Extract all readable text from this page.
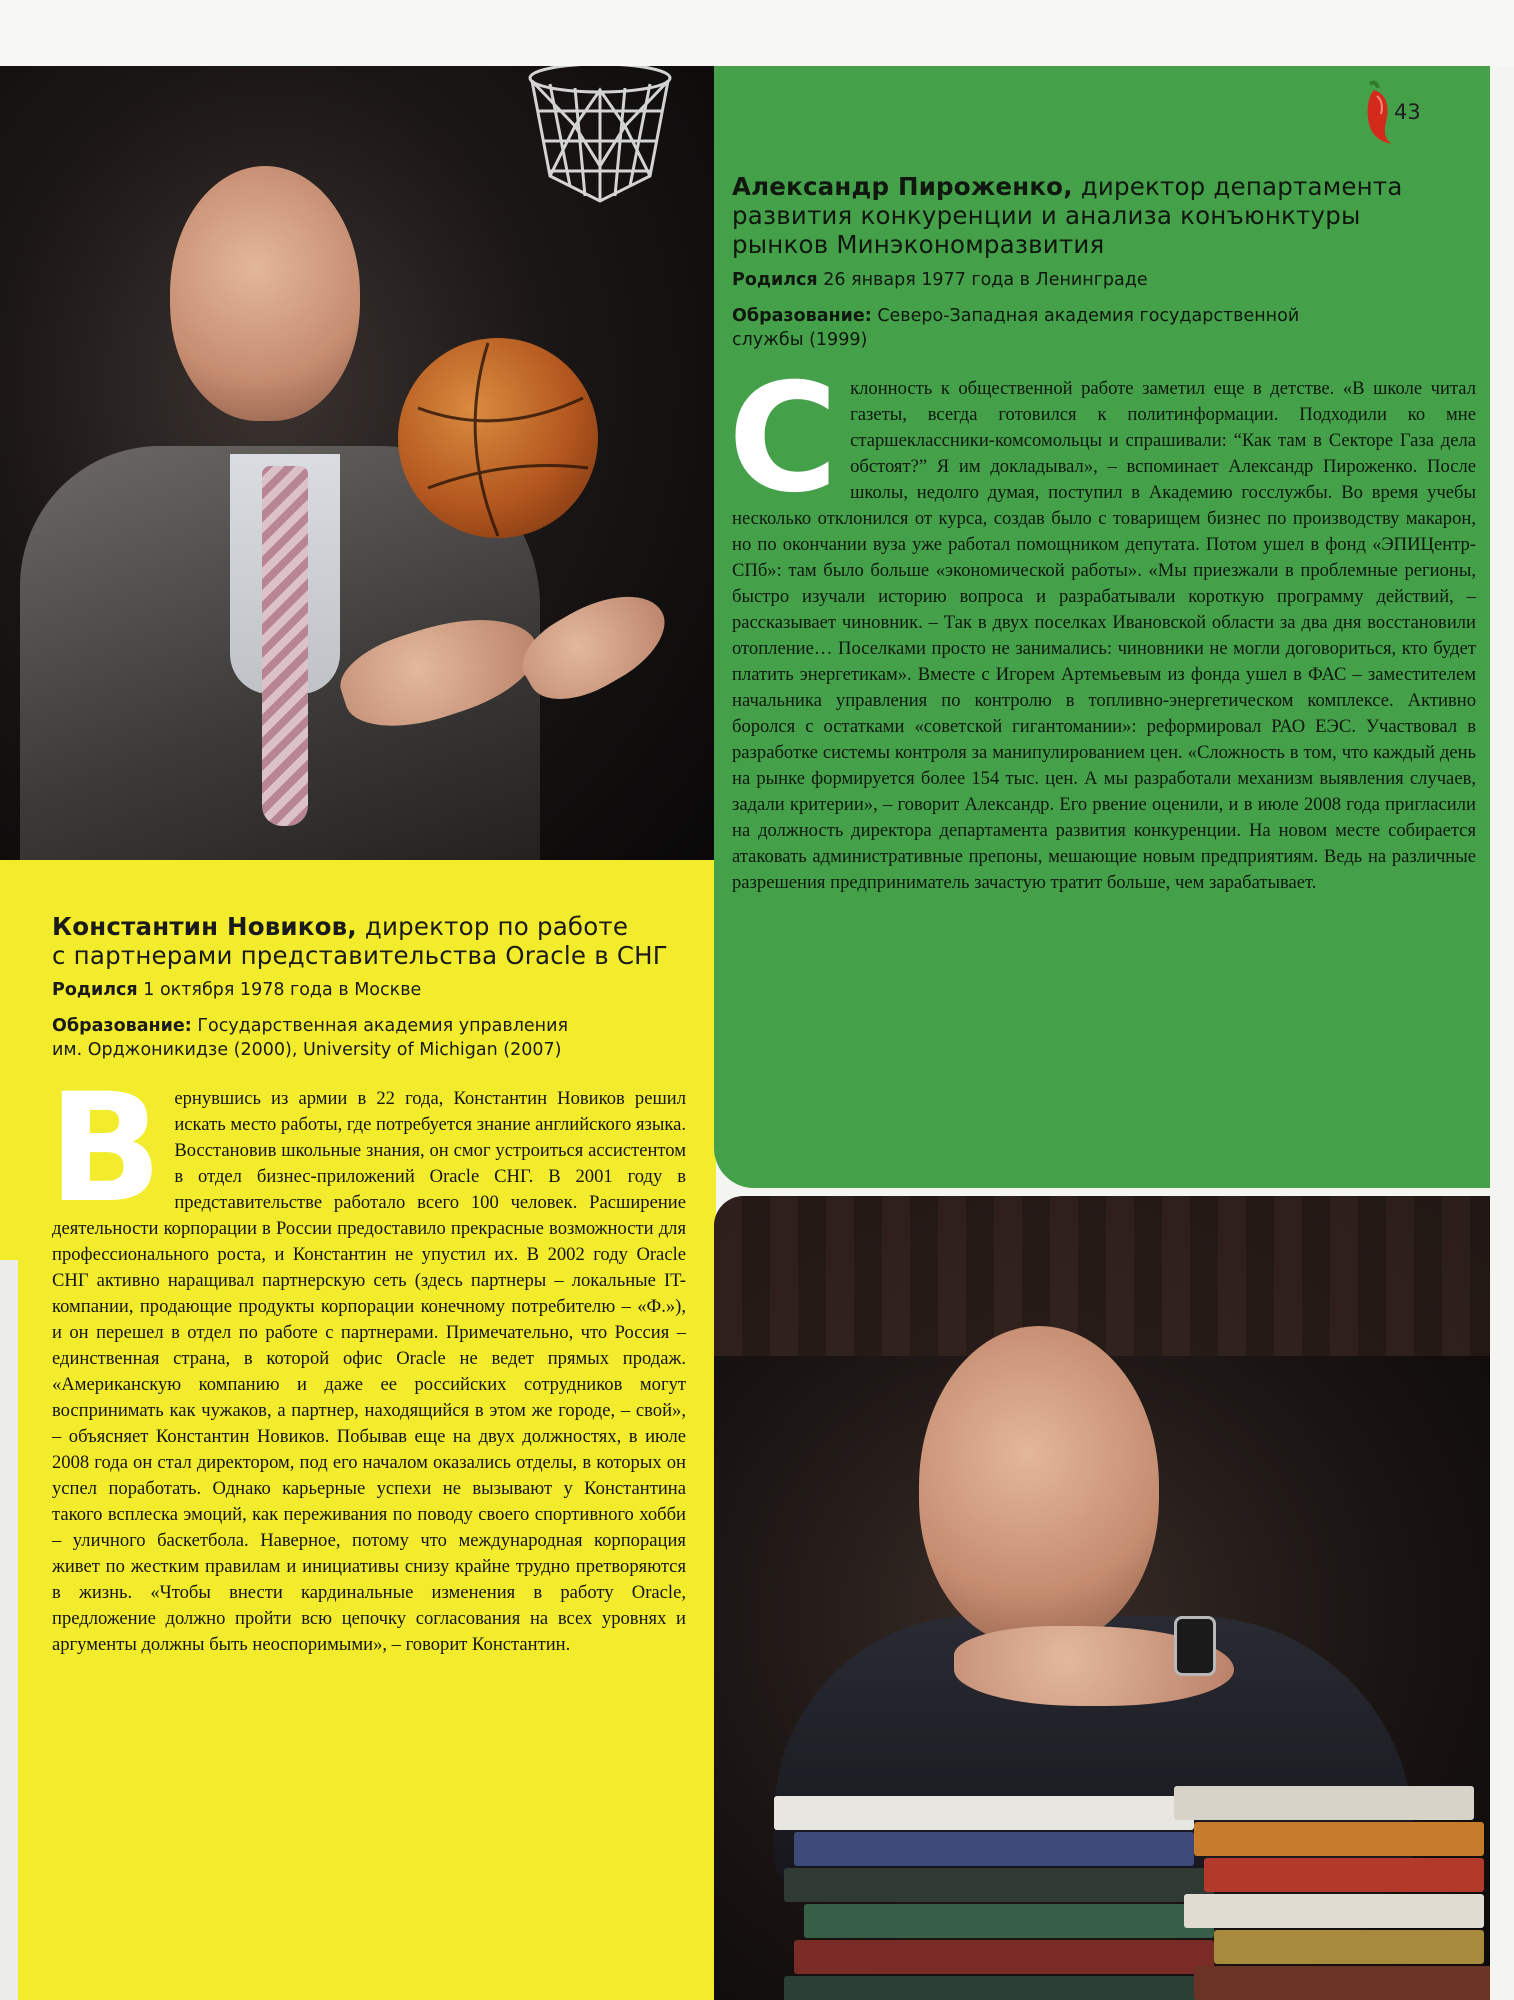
Константин Новиков, директор по работе
с партнерами представительства Oracle в СНГ
Родился 1 октября 1978 года в Москве
Образование: Государственная академия управления
им. Орджоникидзе (2000), University of Michigan (2007)

Вернувшись из армии в 22 года, Константин Новиков решил искать место работы, где потребуется знание английского языка. Восстановив школьные знания, он смог устроиться ассистентом в отдел бизнес-приложений Oracle СНГ. В 2001 году в представительстве работало всего 100 человек. Расширение деятельности корпорации в России предоставило прекрасные возможности для профессионального роста, и Константин не упустил их. В 2002 году Oracle СНГ активно наращивал партнерскую сеть (здесь партнеры – локальные IT-компании, продающие продукты корпорации конечному потребителю – «Ф.»), и он перешел в отдел по работе с партнерами. Примечательно, что Россия – единственная страна, в которой офис Oracle не ведет прямых продаж. «Американскую компанию и даже ее российских сотрудников могут воспринимать как чужаков, а партнер, находящийся в этом же городе, – свой», – объясняет Константин Новиков. Побывав еще на двух должностях, в июле 2008 года он стал директором, под его началом оказались отделы, в которых он успел поработать. Однако карьерные успехи не вызывают у Константина такого всплеска эмоций, как переживания по поводу своего спортивного хобби – уличного баскетбола. Наверное, потому что международная корпорация живет по жестким правилам и инициативы снизу крайне трудно претворяются в жизнь. «Чтобы внести кардинальные изменения в работу Oracle, предложение должно пройти всю цепочку согласования на всех уровнях и аргументы должны быть неоспоримыми», – говорит Константин.

Александр Пироженко, директор департамента
развития конкуренции и анализа конъюнктуры
рынков Минэкономразвития
Родился 26 января 1977 года в Ленинграде
Образование: Северо-Западная академия государственной
службы (1999)

Склонность к общественной работе заметил еще в детстве. «В школе читал газеты, всегда готовился к политинформации. Подходили ко мне старшеклассники-комсомольцы и спрашивали: “Как там в Секторе Газа дела обстоят?” Я им докладывал», – вспоминает Александр Пироженко. После школы, недолго думая, поступил в Академию госслужбы. Во время учебы несколько отклонился от курса, создав было с товарищем бизнес по производству макарон, но по окончании вуза уже работал помощником депутата. Потом ушел в фонд «ЭПИЦентр-СПб»: там было больше «экономической работы». «Мы приезжали в проблемные регионы, быстро изучали историю вопроса и разрабатывали короткую программу действий, – рассказывает чиновник. – Так в двух поселках Ивановской области за два дня восстановили отопление… Поселками просто не занимались: чиновники не могли договориться, кто будет платить энергетикам». Вместе с Игорем Артемьевым из фонда ушел в ФАС – заместителем начальника управления по контролю в топливно-энергетическом комплексе. Активно боролся с остатками «советской гигантомании»: реформировал РАО ЕЭС. Участвовал в разработке системы контроля за манипулированием цен. «Сложность в том, что каждый день на рынке формируется более 154 тыс. цен. А мы разработали механизм выявления случаев, задали критерии», – говорит Александр. Его рвение оценили, и в июле 2008 года пригласили на должность директора департамента развития конкуренции. На новом месте собирается атаковать административные препоны, мешающие новым предприятиям. Ведь на различные разрешения предприниматель зачастую тратит больше, чем зарабатывает.

43
